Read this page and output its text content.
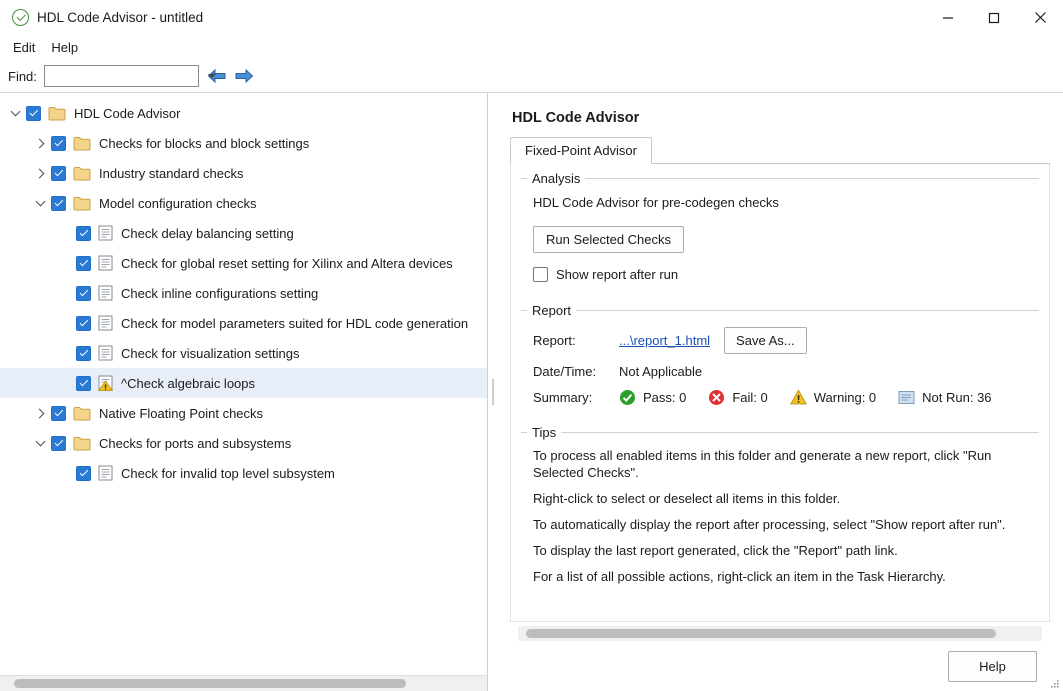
HDL Code Advisor - untitled
Edit	Help
Find:
HDL Code Advisor
Checks for blocks and block settings
Industry standard checks
Model configuration checks
Check delay balancing setting
Check for global reset setting for Xilinx and Altera devices
Check inline configurations setting
Check for model parameters suited for HDL code generation
Check for visualization settings
^Check algebraic loops
Native Floating Point checks
Checks for ports and subsystems
Check for invalid top level subsystem
HDL Code Advisor
Fixed-Point Advisor
Analysis
HDL Code Advisor for pre-codegen checks
Run Selected Checks
Show report after run
Report
Report:	...\report_1.html	Save As...
Date/Time:	Not Applicable
Summary:	Pass: 0	Fail: 0	Warning: 0	Not Run: 36
Tips

To process all enabled items in this folder and generate a new report, click "Run Selected Checks".

Right-click to select or deselect all items in this folder.

To automatically display the report after processing, select "Show report after run".

To display the last report generated, click the "Report" path link.

For a list of all possible actions, right-click an item in the Task Hierarchy.

Help
